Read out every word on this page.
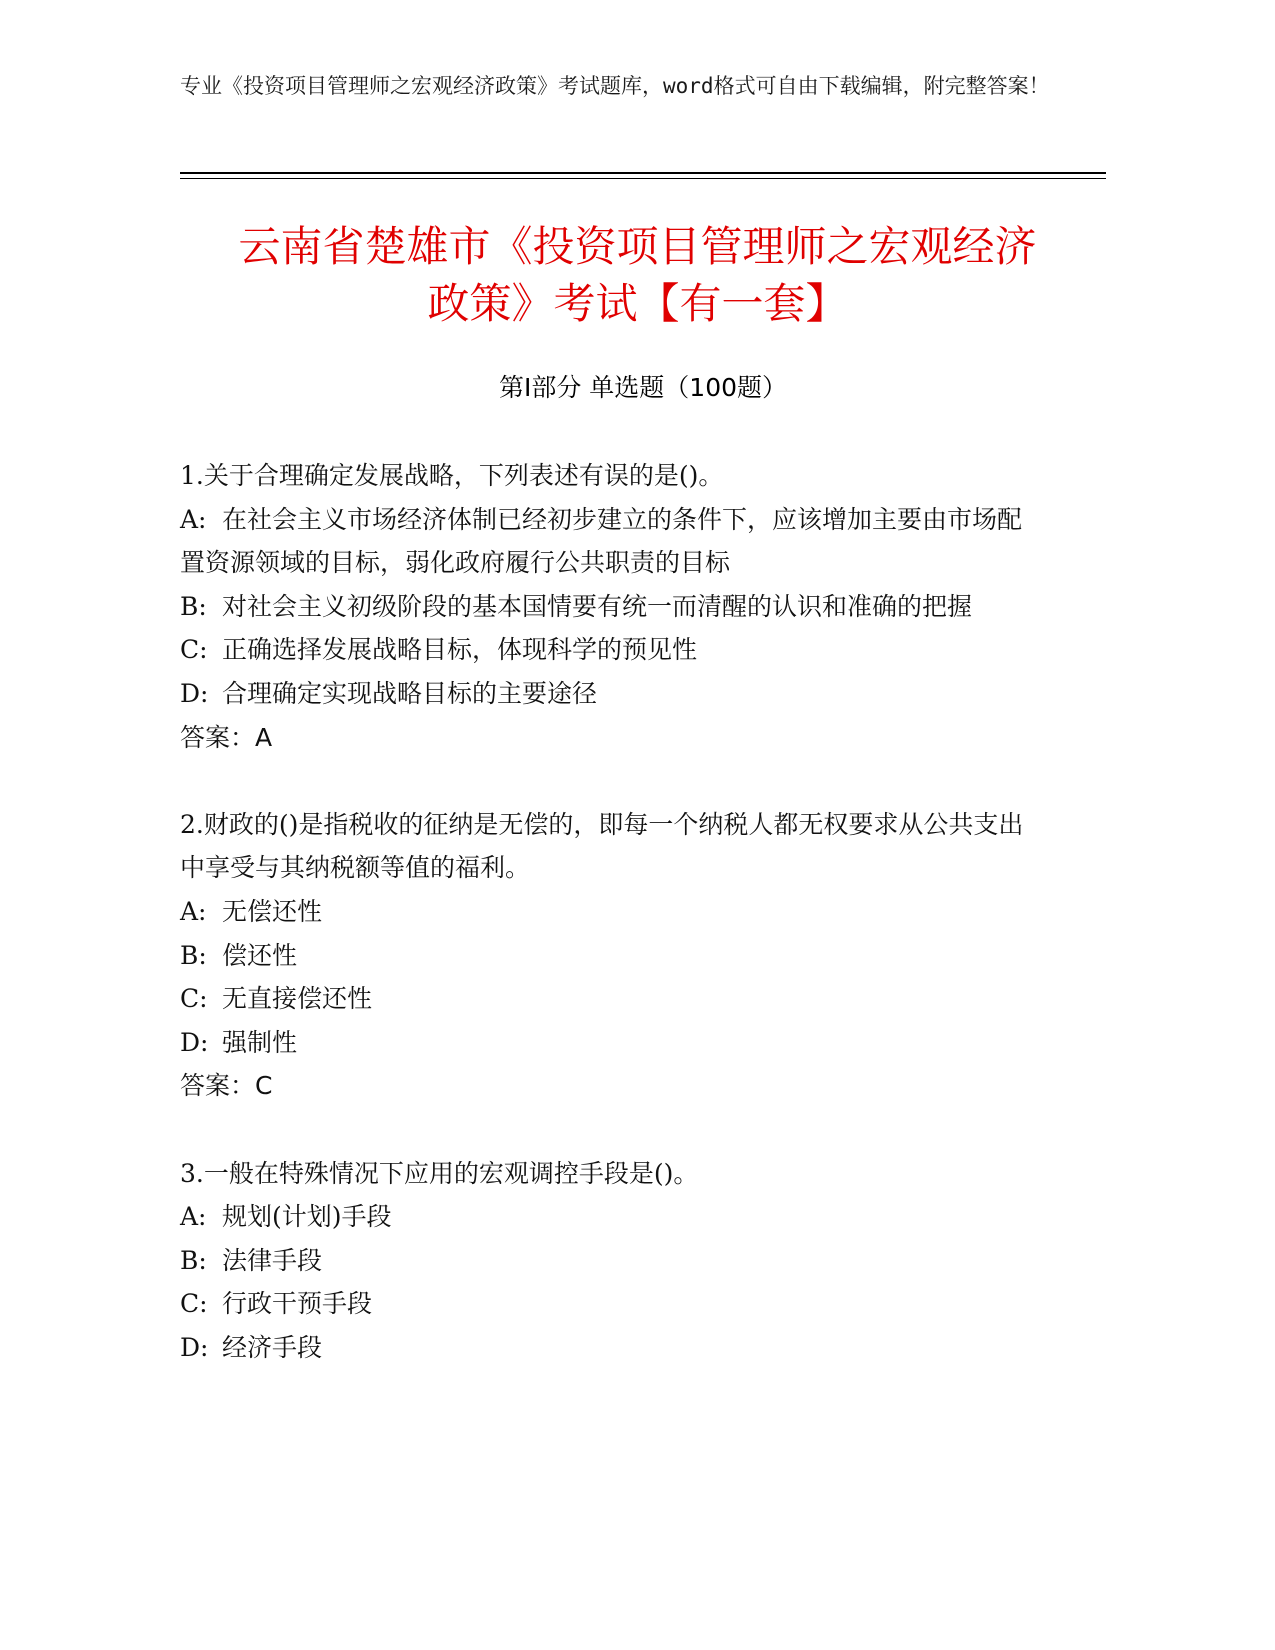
专业《投资项目管理师之宏观经济政策》考试题库，word格式可自由下载编辑，附完整答案！
云南省楚雄市《投资项目管理师之宏观经济
政策》考试【有一套】
第Ⅰ部分 单选题（100题）

1.关于合理确定发展战略，下列表述有误的是()。

A: 在社会主义市场经济体制已经初步建立的条件下，应该增加主要由市场配置资源领域的目标，弱化政府履行公共职责的目标

B: 对社会主义初级阶段的基本国情要有统一而清醒的认识和准确的把握

C: 正确选择发展战略目标，体现科学的预见性

D: 合理确定实现战略目标的主要途径

答案：A

2.财政的()是指税收的征纳是无偿的，即每一个纳税人都无权要求从公共支出中享受与其纳税额等值的福利。

A: 无偿还性

B: 偿还性

C: 无直接偿还性

D: 强制性

答案：C

3.一般在特殊情况下应用的宏观调控手段是()。

A: 规划(计划)手段

B: 法律手段

C: 行政干预手段

D: 经济手段
